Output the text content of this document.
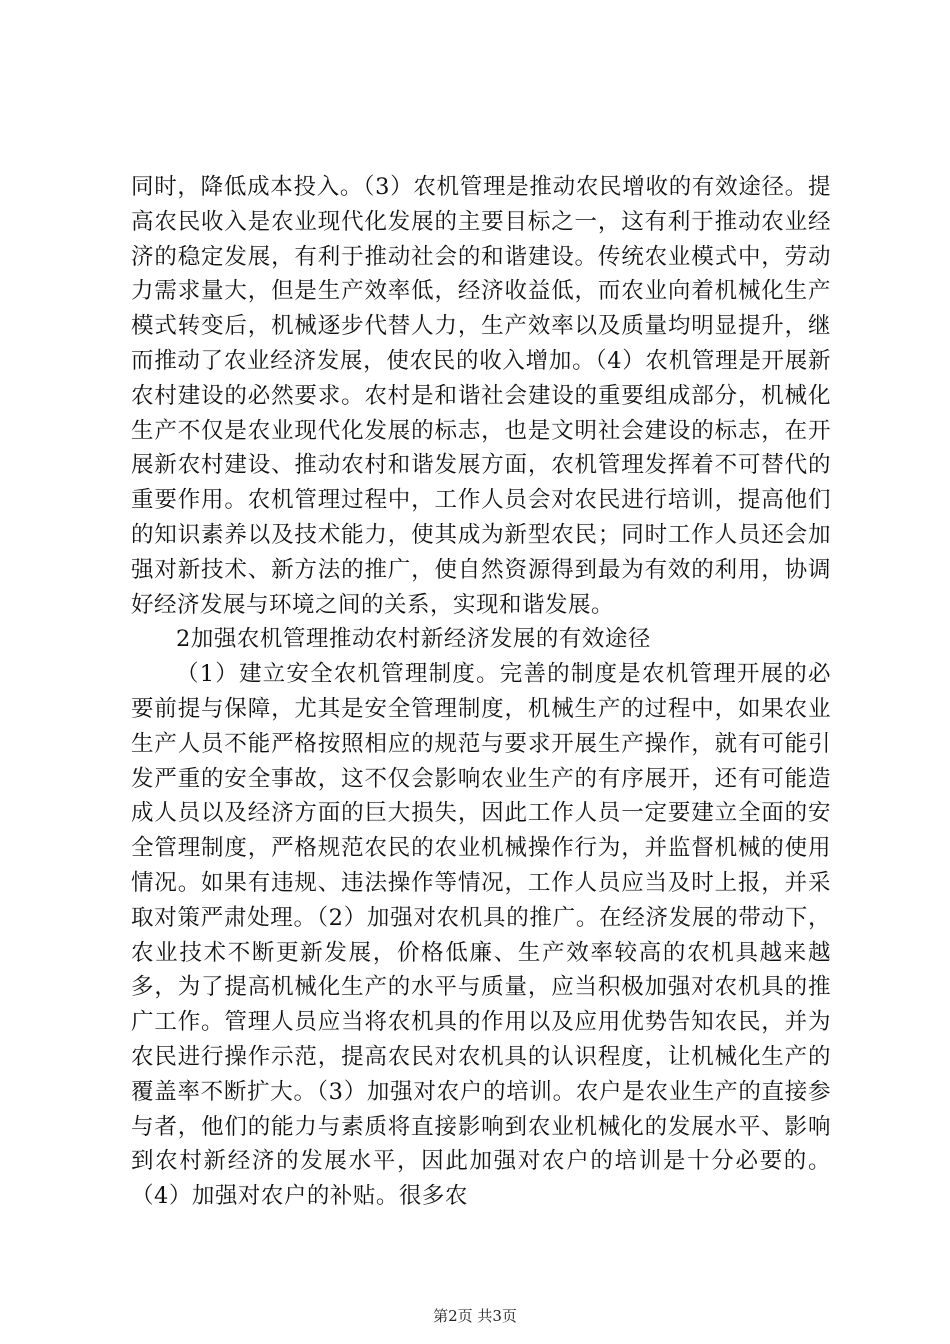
同时，降低成本投入。（3）农机管理是推动农民增收的有效途径。提高农民收入是农业现代化发展的主要目标之一，这有利于推动农业经济的稳定发展，有利于推动社会的和谐建设。传统农业模式中，劳动力需求量大，但是生产效率低，经济收益低，而农业向着机械化生产模式转变后，机械逐步代替人力，生产效率以及质量均明显提升，继而推动了农业经济发展，使农民的收入增加。（4）农机管理是开展新农村建设的必然要求。农村是和谐社会建设的重要组成部分，机械化生产不仅是农业现代化发展的标志，也是文明社会建设的标志，在开展新农村建设、推动农村和谐发展方面，农机管理发挥着不可替代的重要作用。农机管理过程中，工作人员会对农民进行培训，提高他们的知识素养以及技术能力，使其成为新型农民；同时工作人员还会加强对新技术、新方法的推广，使自然资源得到最为有效的利用，协调好经济发展与环境之间的关系，实现和谐发展。

2加强农机管理推动农村新经济发展的有效途径

（1）建立安全农机管理制度。完善的制度是农机管理开展的必要前提与保障，尤其是安全管理制度，机械生产的过程中，如果农业生产人员不能严格按照相应的规范与要求开展生产操作，就有可能引发严重的安全事故，这不仅会影响农业生产的有序展开，还有可能造成人员以及经济方面的巨大损失，因此工作人员一定要建立全面的安全管理制度，严格规范农民的农业机械操作行为，并监督机械的使用情况。如果有违规、违法操作等情况，工作人员应当及时上报，并采取对策严肃处理。（2）加强对农机具的推广。在经济发展的带动下，农业技术不断更新发展，价格低廉、生产效率较高的农机具越来越多，为了提高机械化生产的水平与质量，应当积极加强对农机具的推广工作。管理人员应当将农机具的作用以及应用优势告知农民，并为农民进行操作示范，提高农民对农机具的认识程度，让机械化生产的覆盖率不断扩大。（3）加强对农户的培训。农户是农业生产的直接参与者，他们的能力与素质将直接影响到农业机械化的发展水平、影响到农村新经济的发展水平，因此加强对农户的培训是十分必要的。（4）加强对农户的补贴。很多农

第2页 共3页
